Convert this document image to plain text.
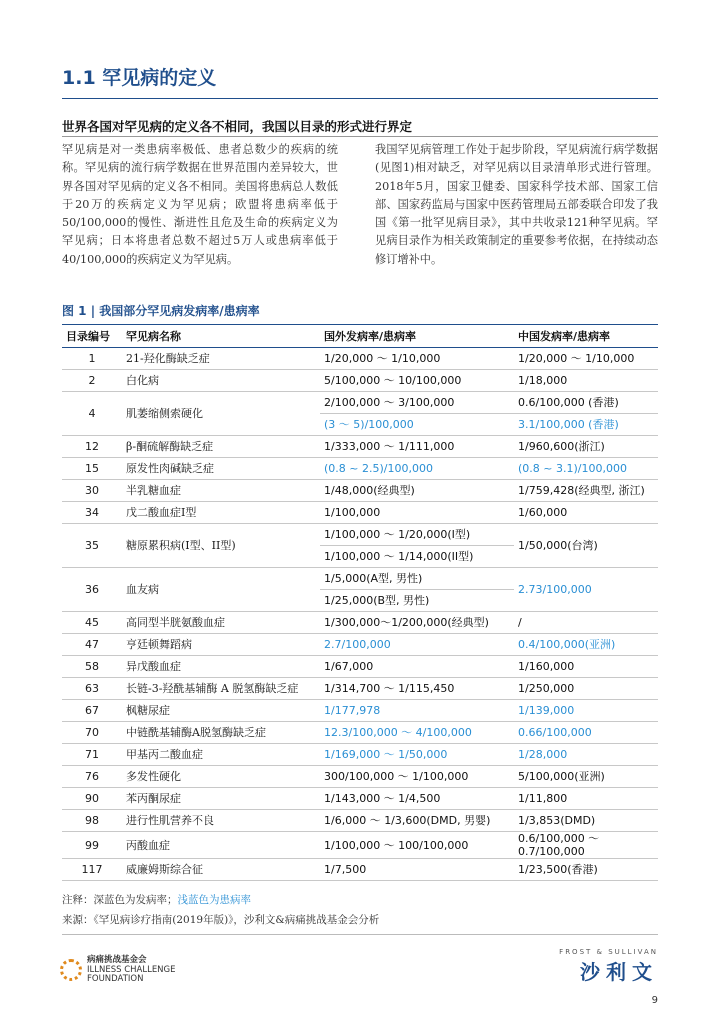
1.1 罕见病的定义
世界各国对罕见病的定义各不相同，我国以目录的形式进行界定
罕见病是对一类患病率极低、患者总数少的疾病的统称。罕见病的流行病学数据在世界范围内差异较大，世界各国对罕见病的定义各不相同。美国将患病总人数低于20万的疾病定义为罕见病；欧盟将患病率低于50/100,000的慢性、渐进性且危及生命的疾病定义为罕见病；日本将患者总数不超过5万人或患病率低于40/100,000的疾病定义为罕见病。
我国罕见病管理工作处于起步阶段，罕见病流行病学数据(见图1)相对缺乏，对罕见病以目录清单形式进行管理。2018年5月，国家卫健委、国家科学技术部、国家工信部、国家药监局与国家中医药管理局五部委联合印发了我国《第一批罕见病目录》，其中共收录121种罕见病。罕见病目录作为相关政策制定的重要参考依据，在持续动态修订增补中。
图 1 | 我国部分罕见病发病率/患病率
目录编号	罕见病名称	国外发病率/患病率	中国发病率/患病率
1	21-羟化酶缺乏症	1/20,000 ～ 1/10,000	1/20,000 ～ 1/10,000
2	白化病	5/100,000 ～ 10/100,000	1/18,000
4	肌萎缩侧索硬化	2/100,000 ～ 3/100,000	0.6/100,000 (香港)
		(3 ～ 5)/100,000	3.1/100,000 (香港)
12	β-酮硫解酶缺乏症	1/333,000 ～ 1/111,000	1/960,600(浙江)
15	原发性肉碱缺乏症	(0.8 ~ 2.5)/100,000	(0.8 ~ 3.1)/100,000
30	半乳糖血症	1/48,000(经典型)	1/759,428(经典型, 浙江)
34	戊二酸血症I型	1/100,000	1/60,000
35	糖原累积病(I型、II型)	1/100,000 ～ 1/20,000(I型)	1/50,000(台湾)
		1/100,000 ～ 1/14,000(II型)	
36	血友病	1/5,000(A型, 男性)	2.73/100,000
		1/25,000(B型, 男性)	
45	高同型半胱氨酸血症	1/300,000～1/200,000(经典型)	/
47	亨廷顿舞蹈病	2.7/100,000	0.4/100,000(亚洲)
58	异戊酸血症	1/67,000	1/160,000
63	长链-3-羟酰基辅酶 A 脱氢酶缺乏症	1/314,700 ～ 1/115,450	1/250,000
67	枫糖尿症	1/177,978	1/139,000
70	中链酰基辅酶A脱氢酶缺乏症	12.3/100,000 ～ 4/100,000	0.66/100,000
71	甲基丙二酸血症	1/169,000 ～ 1/50,000	1/28,000
76	多发性硬化	300/100,000 ～ 1/100,000	5/100,000(亚洲)
90	苯丙酮尿症	1/143,000 ～ 1/4,500	1/11,800
98	进行性肌营养不良	1/6,000 ～ 1/3,600(DMD, 男婴)	1/3,853(DMD)
99	丙酸血症	1/100,000 ～ 100/100,000	0.6/100,000 ～
0.7/100,000
117	威廉姆斯综合征	1/7,500	1/23,500(香港)
注释：深蓝色为发病率；浅蓝色为患病率
来源：《罕见病诊疗指南(2019年版)》，沙利文&病痛挑战基金会分析
病痛挑战基金会
ILLNESS CHALLENGE
FOUNDATION
FROST & SULLIVAN
沙利文
9
